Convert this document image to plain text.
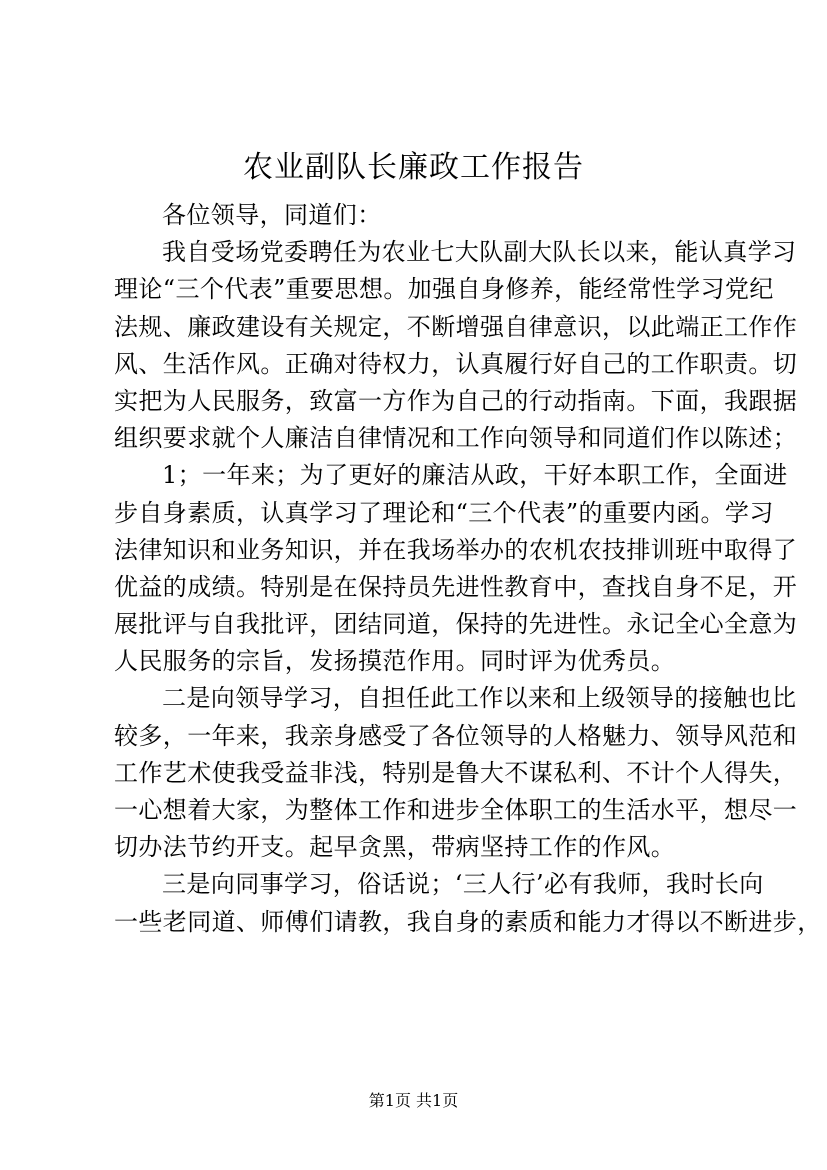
农业副队长廉政工作报告
各位领导，同道们：
我自受场党委聘任为农业七大队副大队长以来，能认真学习
理论“三个代表”重要思想。加强自身修养，能经常性学习党纪
法规、廉政建设有关规定，不断增强自律意识，以此端正工作作
风、生活作风。正确对待权力，认真履行好自己的工作职责。切
实把为人民服务，致富一方作为自己的行动指南。下面，我跟据
组织要求就个人廉洁自律情况和工作向领导和同道们作以陈述；
1；一年来；为了更好的廉洁从政，干好本职工作，全面进
步自身素质，认真学习了理论和“三个代表”的重要内函。学习
法律知识和业务知识，并在我场举办的农机农技排训班中取得了
优益的成绩。特别是在保持员先进性教育中，查找自身不足，开
展批评与自我批评，团结同道，保持的先进性。永记全心全意为
人民服务的宗旨，发扬摸范作用。同时评为优秀员。
二是向领导学习，自担任此工作以来和上级领导的接触也比
较多，一年来，我亲身感受了各位领导的人格魅力、领导风范和
工作艺术使我受益非浅，特别是鲁大不谋私利、不计个人得失，
一心想着大家，为整体工作和进步全体职工的生活水平，想尽一
切办法节约开支。起早贪黑，带病坚持工作的作风。
三是向同事学习，俗话说；‘三人行’必有我师，我时长向
一些老同道、师傅们请教，我自身的素质和能力才得以不断进步，
第1页 共1页
